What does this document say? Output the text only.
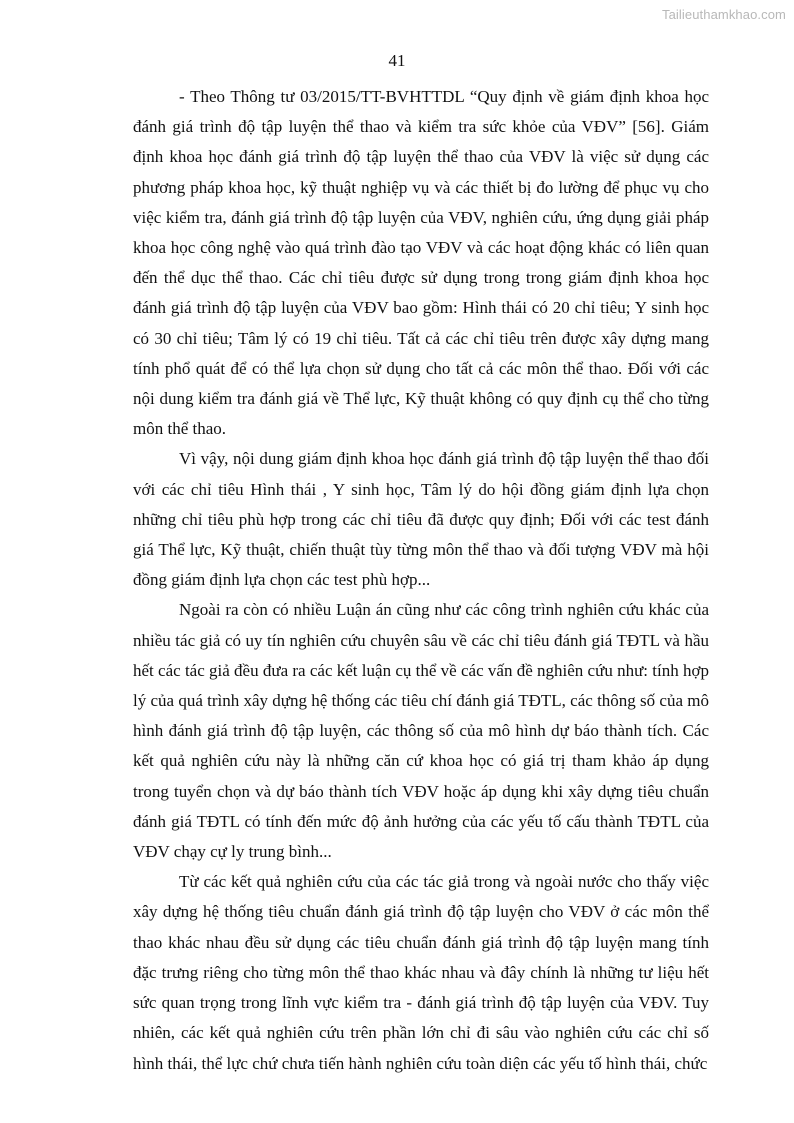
Tailieuthamkhao.com
41

- Theo Thông tư 03/2015/TT-BVHTTDL “Quy định về giám định khoa học đánh giá trình độ tập luyện thể thao và kiểm tra sức khỏe của VĐV” [56]. Giám định khoa học đánh giá trình độ tập luyện thể thao của VĐV là việc sử dụng các phương pháp khoa học, kỹ thuật nghiệp vụ và các thiết bị đo lường để phục vụ cho việc kiểm tra, đánh giá trình độ tập luyện của VĐV, nghiên cứu, ứng dụng giải pháp khoa học công nghệ vào quá trình đào tạo VĐV và các hoạt động khác có liên quan đến thể dục thể thao. Các chỉ tiêu được sử dụng trong trong giám định khoa học đánh giá trình độ tập luyện của VĐV bao gồm: Hình thái có 20 chỉ tiêu; Y sinh học có 30 chỉ tiêu; Tâm lý có 19 chỉ tiêu. Tất cả các chỉ tiêu trên được xây dựng mang tính phổ quát để có thể lựa chọn sử dụng cho tất cả các môn thể thao. Đối với các nội dung kiểm tra đánh giá về Thể lực, Kỹ thuật không có quy định cụ thể cho từng môn thể thao.

Vì vậy, nội dung giám định khoa học đánh giá trình độ tập luyện thể thao đối với các chỉ tiêu Hình thái , Y sinh học, Tâm lý do hội đồng giám định lựa chọn những chỉ tiêu phù hợp trong các chỉ tiêu đã được quy định; Đối với các test đánh giá Thể lực, Kỹ thuật, chiến thuật tùy từng môn thể thao và đối tượng VĐV mà hội đồng giám định lựa chọn các test phù hợp...

Ngoài ra còn có nhiều Luận án cũng như các công trình nghiên cứu khác của nhiều tác giả có uy tín nghiên cứu chuyên sâu về các chỉ tiêu đánh giá TĐTL và hầu hết các tác giả đều đưa ra các kết luận cụ thể về các vấn đề nghiên cứu như: tính hợp lý của quá trình xây dựng hệ thống các tiêu chí đánh giá TĐTL, các thông số của mô hình đánh giá trình độ tập luyện, các thông số của mô hình dự báo thành tích. Các kết quả nghiên cứu này là những căn cứ khoa học có giá trị tham khảo áp dụng trong tuyển chọn và dự báo thành tích VĐV hoặc áp dụng khi xây dựng tiêu chuẩn đánh giá TĐTL có tính đến mức độ ảnh hưởng của các yếu tố cấu thành TĐTL của VĐV chạy cự ly trung bình...

Từ các kết quả nghiên cứu của các tác giả trong và ngoài nước cho thấy việc xây dựng hệ thống tiêu chuẩn đánh giá trình độ tập luyện cho VĐV ở các môn thể thao khác nhau đều sử dụng các tiêu chuẩn đánh giá trình độ tập luyện mang tính đặc trưng riêng cho từng môn thể thao khác nhau và đây chính là những tư liệu hết sức quan trọng trong lĩnh vực kiểm tra - đánh giá trình độ tập luyện của VĐV. Tuy nhiên, các kết quả nghiên cứu trên phần lớn chỉ đi sâu vào nghiên cứu các chỉ số hình thái, thể lực chứ chưa tiến hành nghiên cứu toàn diện các yếu tố hình thái, chức
